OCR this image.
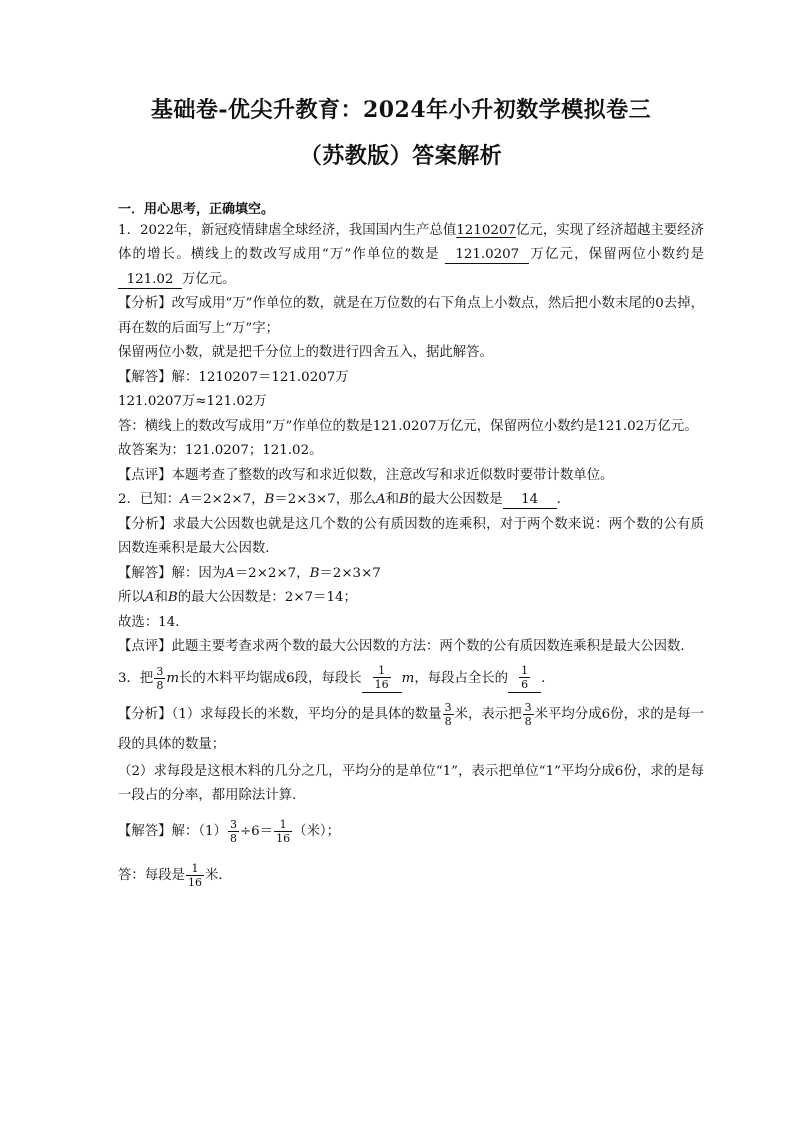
基础卷-优尖升教育：2024年小升初数学模拟卷三
（苏教版）答案解析
一．用心思考，正确填空。

1．2022年，新冠疫情肆虐全球经济，我国国内生产总值1210207亿元，实现了经济超越主要经济体的增长。横线上的数改写成用“万”作单位的数是 121.0207 万亿元，保留两位小数约是121.02 万亿元。

【分析】改写成用“万”作单位的数，就是在万位数的右下角点上小数点，然后把小数末尾的0去掉，再在数的后面写上“万”字；

保留两位小数，就是把千分位上的数进行四舍五入，据此解答。

【解答】解：1210207＝121.0207万

121.0207万≈121.02万

答：横线上的数改写成用“万”作单位的数是121.0207万亿元，保留两位小数约是121.02万亿元。

故答案为：121.0207；121.02。

【点评】本题考查了整数的改写和求近似数，注意改写和求近似数时要带计数单位。

2．已知：A＝2×2×7，B＝2×3×7，那么A和B的最大公因数是 14 ．

【分析】求最大公因数也就是这几个数的公有质因数的连乘积，对于两个数来说：两个数的公有质因数连乘积是最大公因数．

【解答】解：因为A＝2×2×7，B＝2×3×7

所以A和B的最大公因数是：2×7＝14；

故选：14．

【点评】此题主要考查求两个数的最大公因数的方法：两个数的公有质因数连乘积是最大公因数．

3．把 $\frac{3}{8}$ m长的木料平均锯成6段，每段长 $\frac{1}{16}$ m，每段占全长的 $\frac{1}{6}$ ．

【分析】（1）求每段长的米数，平均分的是具体的数量 $\frac{3}{8}$ 米，表示把 $\frac{3}{8}$ 米平均分成6份，求的是每一段的具体的数量；

（2）求每段是这根木料的几分之几，平均分的是单位“1”，表示把单位“1”平均分成6份，求的是每一段占的分率，都用除法计算．

【解答】解：$(1) \frac{3}{8} \div 6= \frac{1}{16}$ （米）；

答：每段是 $\frac{1}{16}$ 米．
